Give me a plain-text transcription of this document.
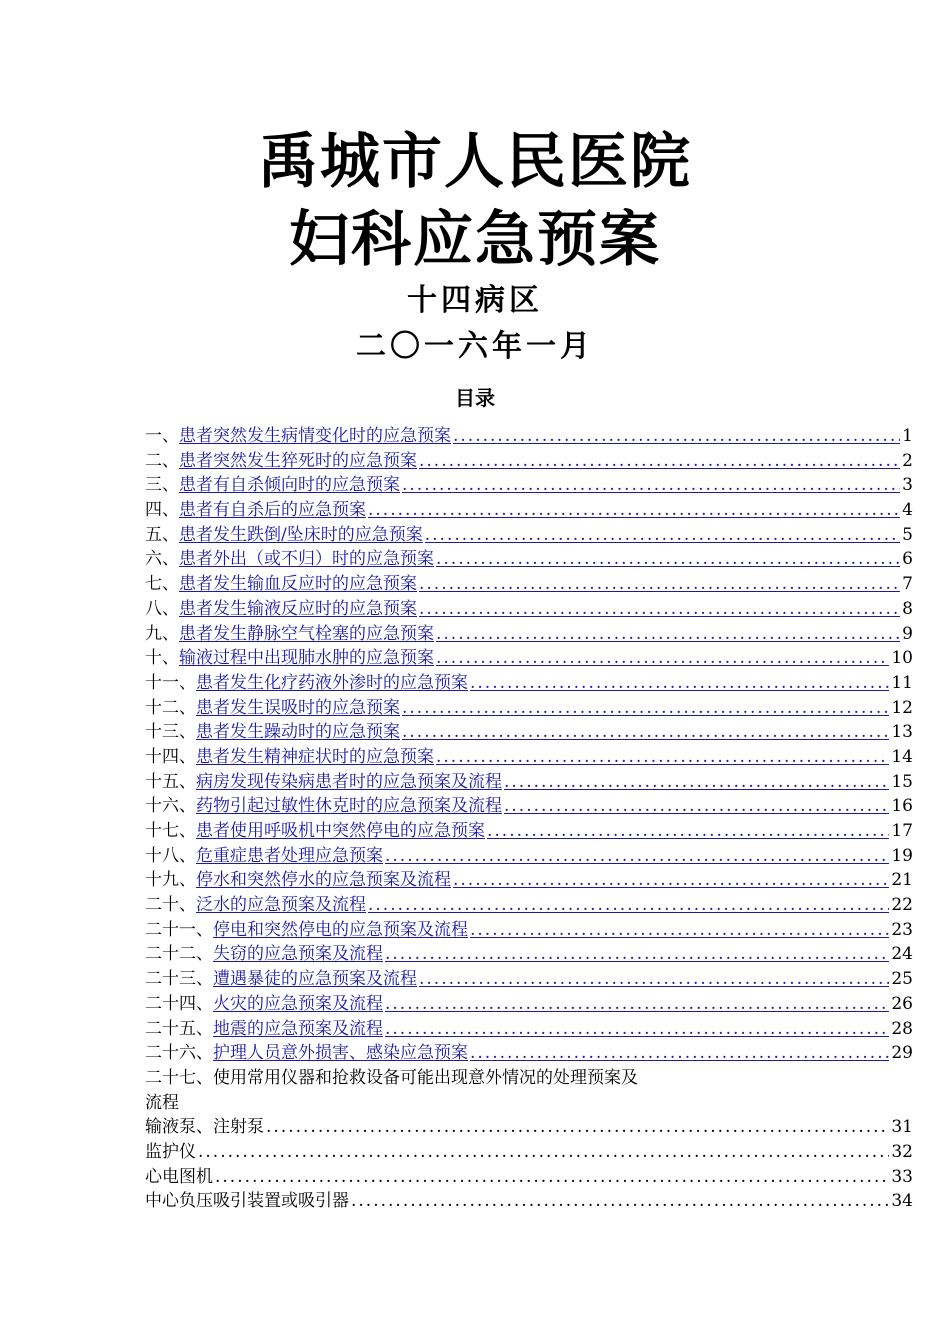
禹城市人民医院
妇科应急预案
十四病区
二〇一六年一月
目录
一、 患者突然发生病情变化时的应急预案 .....	1
二、 患者突然发生猝死时的应急预案 .....	2
三、 患者有自杀倾向时的应急预案 .....	3
四、 患者有自杀后的应急预案 .....	4
五、 患者发生跌倒/坠床时的应急预案 .....	5
六、 患者外出（或不归）时的应急预案 .....	6
七、 患者发生输血反应时的应急预案 .....	7
八、 患者发生输液反应时的应急预案 .....	8
九、 患者发生静脉空气栓塞的应急预案 .....	9
十、 输液过程中出现肺水肿的应急预案 .....	10
十一、 患者发生化疗药液外渗时的应急预案 .....	11
十二、 患者发生误吸时的应急预案 .....	12
十三、 患者发生躁动时的应急预案 .....	13
十四、 患者发生精神症状时的应急预案 .....	14
十五、 病房发现传染病患者时的应急预案及流程 .....	15
十六、 药物引起过敏性休克时的应急预案及流程 .....	16
十七、 患者使用呼吸机中突然停电的应急预案 .....	17
十八、 危重症患者处理应急预案 .....	19
十九、 停水和突然停水的应急预案及流程 .....	21
二十、 泛水的应急预案及流程 .....	22
二十一、 停电和突然停电的应急预案及流程 .....	23
二十二、 失窃的应急预案及流程 .....	24
二十三、 遭遇暴徒的应急预案及流程 .....	25
二十四、 火灾的应急预案及流程 .....	26
二十五、 地震的应急预案及流程 .....	28
二十六、 护理人员意外损害、感染应急预案 .....	29
二十七、使用常用仪器和抢救设备可能出现意外情况的处理预案及
流程
输液泵、注射泵 .....	31
监护仪 .....	32
心电图机 .....	33
中心负压吸引装置或吸引器 .....	34
